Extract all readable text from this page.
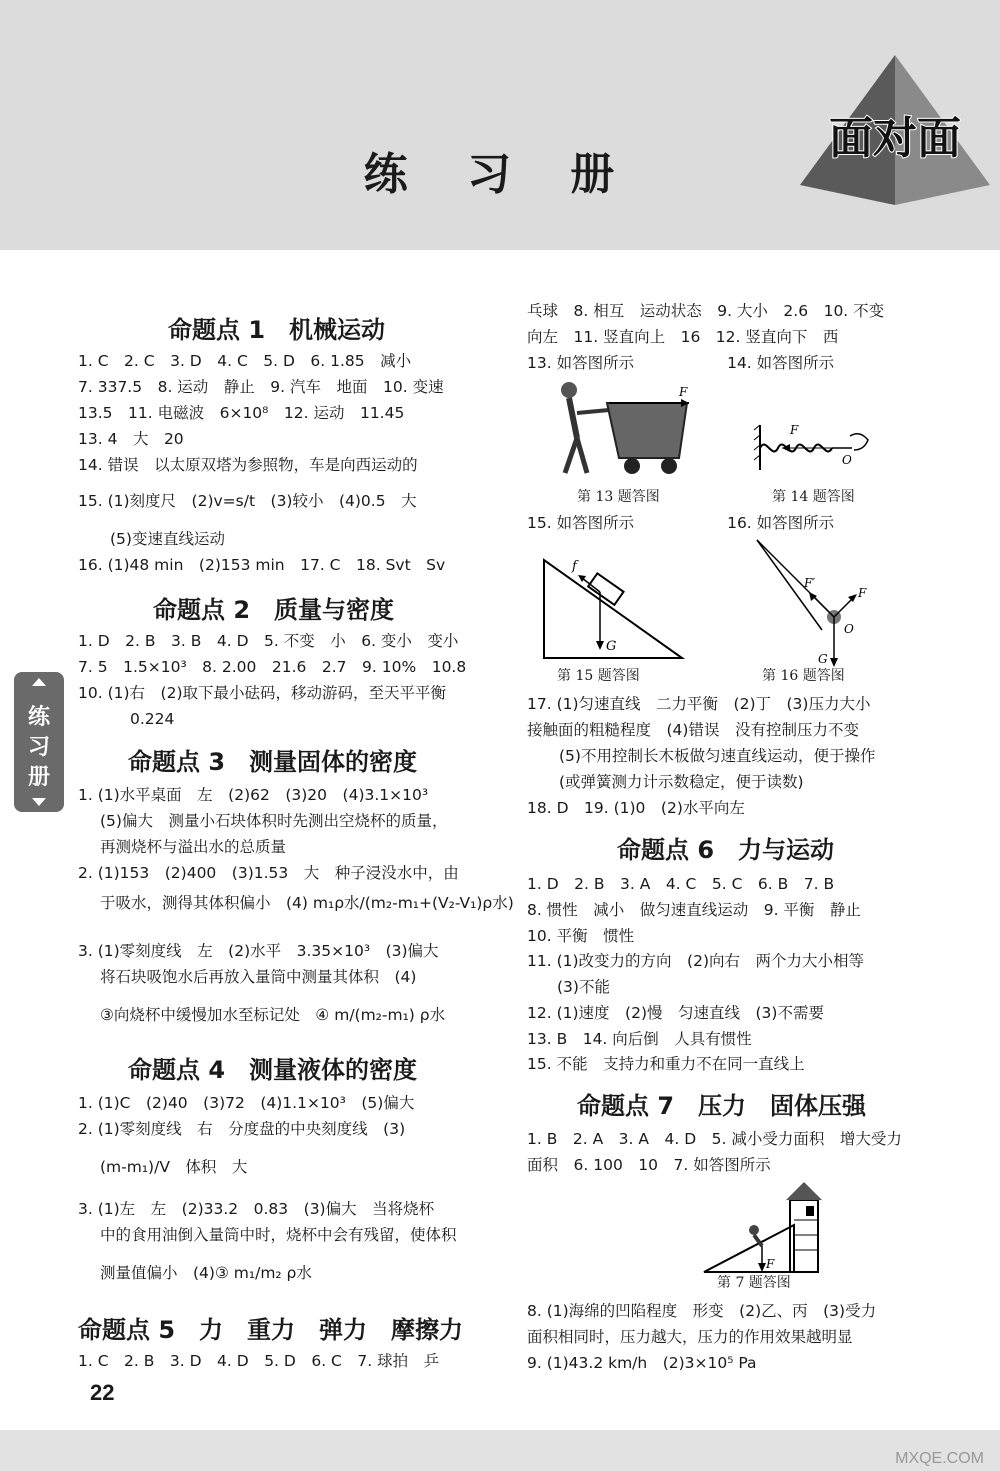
练 习 册
面对面
练
习
册
命题点 1　机械运动
1. C　2. C　3. D　4. C　5. D　6. 1.85　减小
7. 337.5　8. 运动　静止　9. 汽车　地面　10. 变速
13.5　11. 电磁波　6×10⁸　12. 运动　11.45
13. 4　大　20
14. 错误　以太原双塔为参照物，车是向西运动的
15. (1)刻度尺　(2)v=s/t　(3)较小　(4)0.5　大
(5)变速直线运动
16. (1)48 min　(2)153 min　17. C　18. Svt　Sv
命题点 2　质量与密度
1. D　2. B　3. B　4. D　5. 不变　小　6. 变小　变小
7. 5　1.5×10³　8. 2.00　21.6　2.7　9. 10%　10.8
10. (1)右　(2)取下最小砝码，移动游码，至天平平衡
0.224
命题点 3　测量固体的密度
1. (1)水平桌面　左　(2)62　(3)20　(4)3.1×10³
(5)偏大　测量小石块体积时先测出空烧杯的质量，
再测烧杯与溢出水的总质量
2. (1)153　(2)400　(3)1.53　大　种子浸没水中，由
于吸水，测得其体积偏小　(4) m₁ρ水/(m₂-m₁+(V₂-V₁)ρ水)
3. (1)零刻度线　左　(2)水平　3.35×10³　(3)偏大
将石块吸饱水后再放入量筒中测量其体积　(4)
③向烧杯中缓慢加水至标记处　④ m/(m₂-m₁) ρ水
命题点 4　测量液体的密度
1. (1)C　(2)40　(3)72　(4)1.1×10³　(5)偏大
2. (1)零刻度线　右　分度盘的中央刻度线　(3)
(m-m₁)/V　体积　大
3. (1)左　左　(2)33.2　0.83　(3)偏大　当将烧杯
中的食用油倒入量筒中时，烧杯中会有残留，使体积
测量值偏小　(4)③ m₁/m₂ ρ水
命题点 5　力　重力　弹力　摩擦力
1. C　2. B　3. D　4. D　5. D　6. C　7. 球拍　乒
乓球　8. 相互　运动状态　9. 大小　2.6　10. 不变
向左　11. 竖直向上　16　12. 竖直向下　西
13. 如答图所示　　　　　　14. 如答图所示
F
第 13 题答图
F
O
第 14 题答图
15. 如答图所示　　　　　　16. 如答图所示
f
G
第 15 题答图
F′
F
O
G
第 16 题答图
17. (1)匀速直线　二力平衡　(2)丁　(3)压力大小
接触面的粗糙程度　(4)错误　没有控制压力不变
(5)不用控制长木板做匀速直线运动，便于操作
(或弹簧测力计示数稳定，便于读数)
18. D　19. (1)0　(2)水平向左
命题点 6　力与运动
1. D　2. B　3. A　4. C　5. C　6. B　7. B
8. 惯性　减小　做匀速直线运动　9. 平衡　静止
10. 平衡　惯性
11. (1)改变力的方向　(2)向右　两个力大小相等
(3)不能
12. (1)速度　(2)慢　匀速直线　(3)不需要
13. B　14. 向后倒　人具有惯性
15. 不能　支持力和重力不在同一直线上
命题点 7　压力　固体压强
1. B　2. A　3. A　4. D　5. 减小受力面积　增大受力
面积　6. 100　10　7. 如答图所示
F
第 7 题答图
8. (1)海绵的凹陷程度　形变　(2)乙、丙　(3)受力
面积相同时，压力越大，压力的作用效果越明显
9. (1)43.2 km/h　(2)3×10⁵ Pa
22
MXQE.COM
